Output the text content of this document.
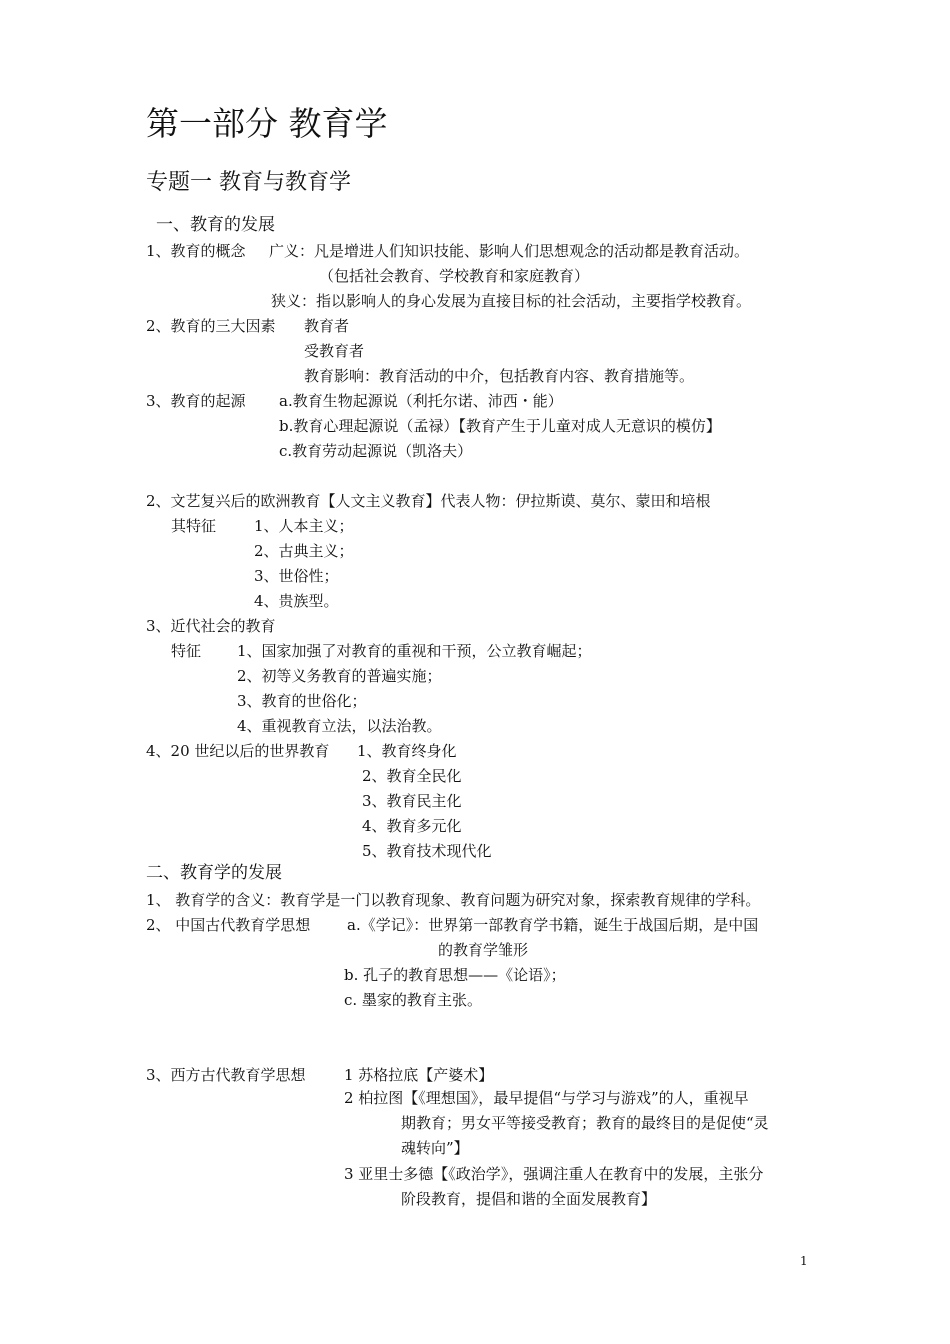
第一部分 教育学
专题一 教育与教育学
一、教育的发展
1、教育的概念 广义：凡是增进人们知识技能、影响人们思想观念的活动都是教育活动。
（包括社会教育、学校教育和家庭教育）
狭义：指以影响人的身心发展为直接目标的社会活动，主要指学校教育。
2、教育的三大因素 教育者
受教育者
教育影响：教育活动的中介，包括教育内容、教育措施等。
3、教育的起源 a.教育生物起源说（利托尔诺、沛西・能）
b.教育心理起源说（孟禄）【教育产生于儿童对成人无意识的模仿】
c.教育劳动起源说（凯洛夫）
2、文艺复兴后的欧洲教育【人文主义教育】代表人物：伊拉斯谟、莫尔、蒙田和培根
其特征	1、人本主义；
2、古典主义；
3、世俗性；
4、贵族型。
3、近代社会的教育
特征 1、国家加强了对教育的重视和干预，公立教育崛起；
2、初等义务教育的普遍实施；
3、教育的世俗化；
4、重视教育立法，以法治教。
4、20 世纪以后的世界教育 1、教育终身化
2、教育全民化
3、教育民主化
4、教育多元化
5、教育技术现代化
二、教育学的发展
1、 教育学的含义：教育学是一门以教育现象、教育问题为研究对象，探索教育规律的学科。
2、 中国古代教育学思想 a.《学记》：世界第一部教育学书籍，诞生于战国后期，是中国
的教育学雏形
b. 孔子的教育思想——《论语》；
c. 墨家的教育主张。
3、西方古代教育学思想	1 苏格拉底【产婆术】
2 柏拉图【《理想国》，最早提倡“与学习与游戏”的人，重视早
期教育；男女平等接受教育；教育的最终目的是促使“灵
魂转向”】
3 亚里士多德【《政治学》，强调注重人在教育中的发展，主张分
阶段教育，提倡和谐的全面发展教育】
1
